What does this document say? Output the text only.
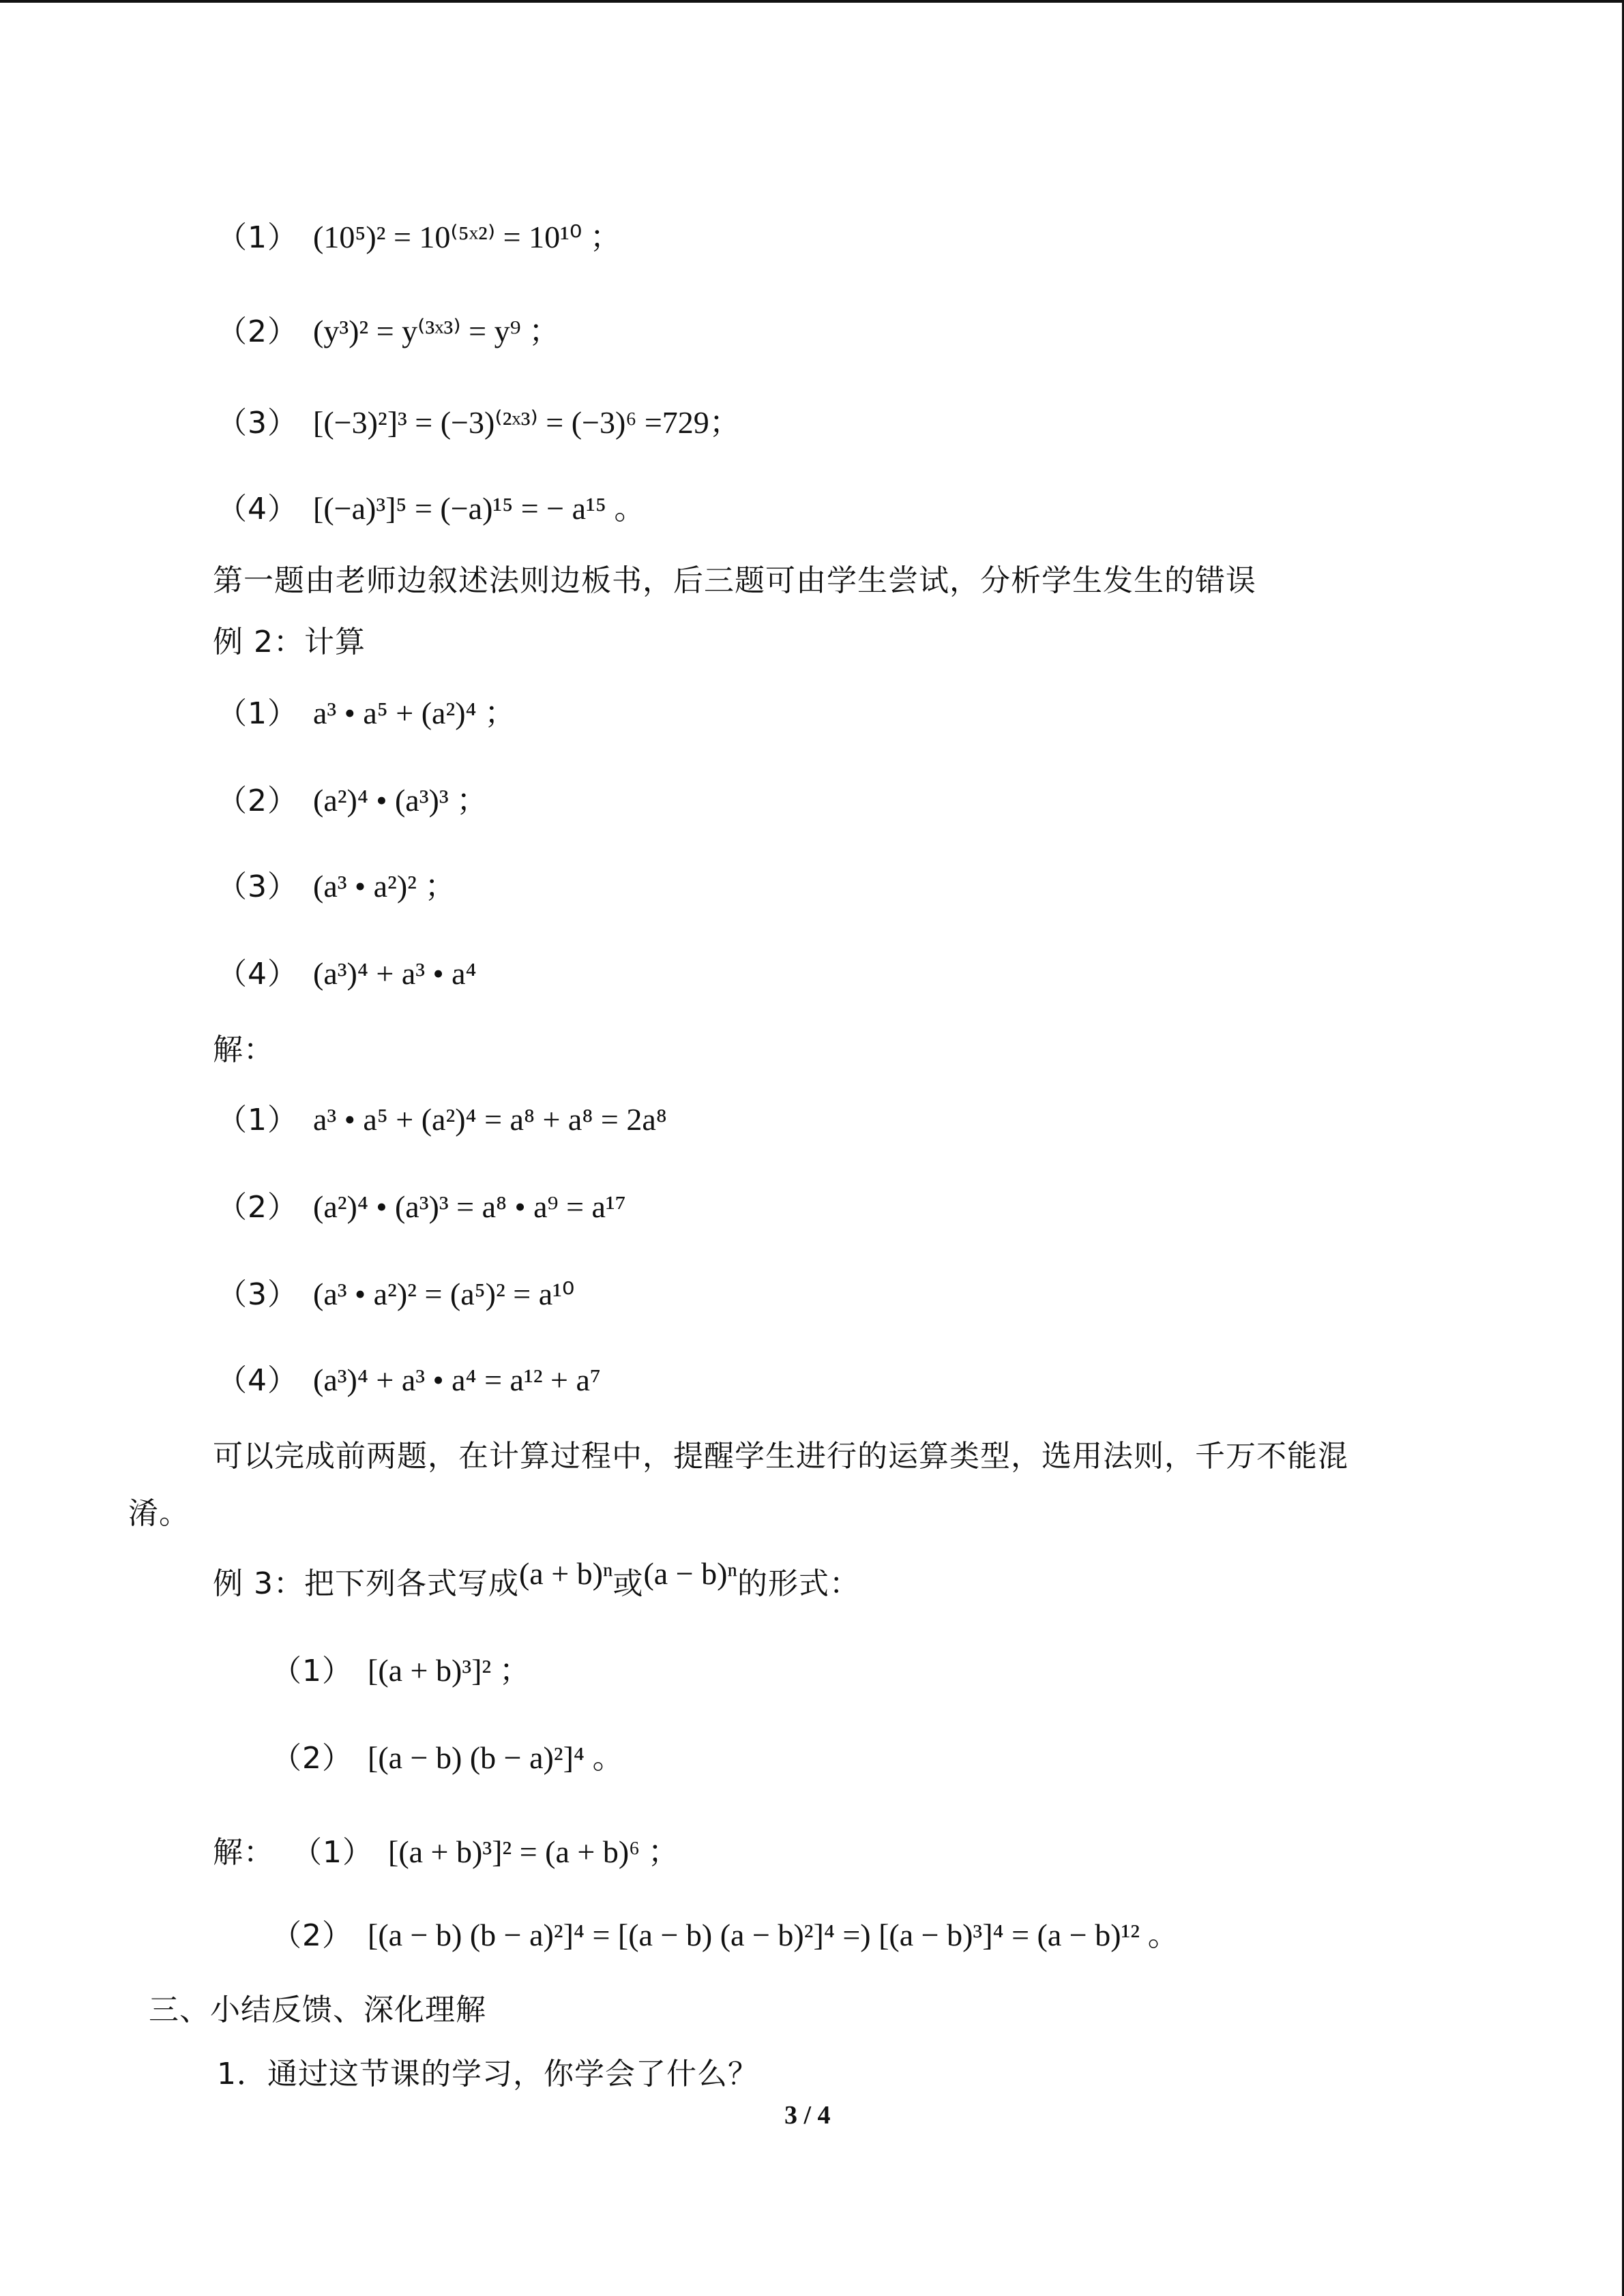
（1） (10⁵)² = 10⁽⁵ˣ²⁾ = 10¹⁰ ；
（2） (y³)² = y⁽³ˣ³⁾ = y⁹ ；
（3） [(−3)²]³ = (−3)⁽²ˣ³⁾ = (−3)⁶ =729；
（4） [(−a)³]⁵ = (−a)¹⁵ = − a¹⁵ 。
第一题由老师边叙述法则边板书，后三题可由学生尝试，分析学生发生的错误
例 2：计算
（1） a³ • a⁵ + (a²)⁴ ；
（2） (a²)⁴ • (a³)³ ；
（3） (a³ • a²)² ；
（4） (a³)⁴ + a³ • a⁴
解：
（1） a³ • a⁵ + (a²)⁴ = a⁸ + a⁸ = 2a⁸
（2） (a²)⁴ • (a³)³ = a⁸ • a⁹ = a¹⁷
（3） (a³ • a²)² = (a⁵)² = a¹⁰
（4） (a³)⁴ + a³ • a⁴ = a¹² + a⁷
可以完成前两题，在计算过程中，提醒学生进行的运算类型，选用法则，千万不能混
淆。
例 3：把下列各式写成(a + b)ⁿ或(a − b)ⁿ的形式：
（1） [(a + b)³]² ；
（2） [(a − b) (b − a)²]⁴ 。
解： （1） [(a + b)³]² = (a + b)⁶ ；
（2） [(a − b) (b − a)²]⁴ = [(a − b) (a − b)²]⁴ =) [(a − b)³]⁴ = (a − b)¹² 。
三、小结反馈、深化理解
1．通过这节课的学习，你学会了什么？
3 / 4
